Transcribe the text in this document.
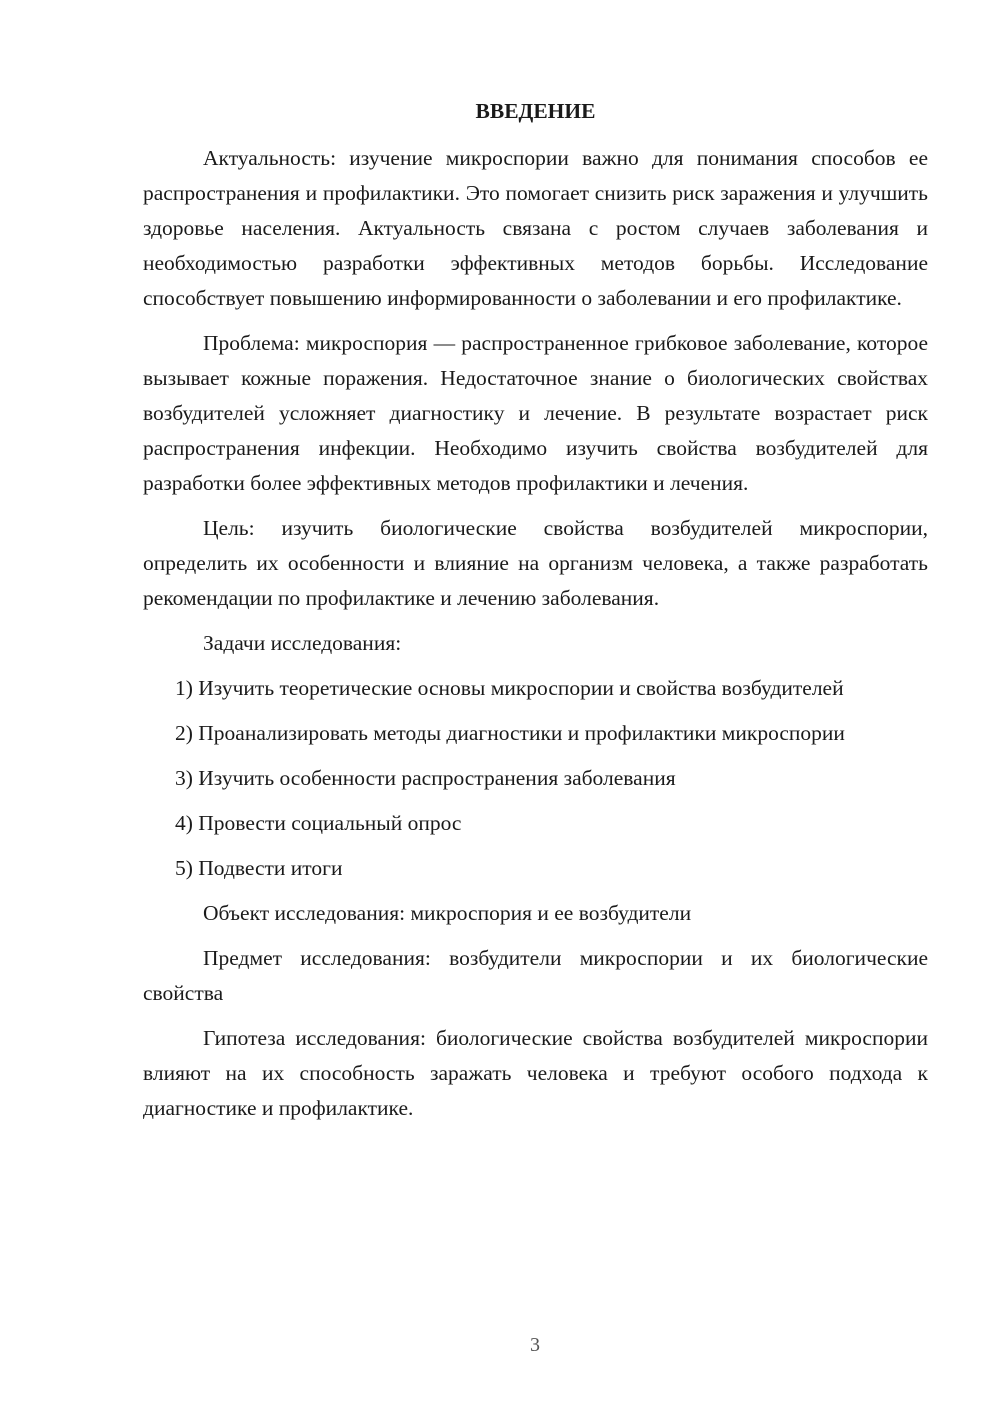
ВВЕДЕНИЕ

Актуальность: изучение микроспории важно для понимания способов ее распространения и профилактики. Это помогает снизить риск заражения и улучшить здоровье населения. Актуальность связана с ростом случаев заболевания и необходимостью разработки эффективных методов борьбы. Исследование способствует повышению информированности о заболевании и его профилактике.

Проблема: микроспория — распространенное грибковое заболевание, которое вызывает кожные поражения. Недостаточное знание о биологических свойствах возбудителей усложняет диагностику и лечение. В результате возрастает риск распространения инфекции. Необходимо изучить свойства возбудителей для разработки более эффективных методов профилактики и лечения.

Цель: изучить биологические свойства возбудителей микроспории, определить их особенности и влияние на организм человека, а также разработать рекомендации по профилактике и лечению заболевания.

Задачи исследования:

1) Изучить теоретические основы микроспории и свойства возбудителей

2) Проанализировать методы диагностики и профилактики микроспории

3) Изучить особенности распространения заболевания

4) Провести социальный опрос

5) Подвести итоги

Объект исследования: микроспория и ее возбудители

Предмет исследования: возбудители микроспории и их биологические свойства

Гипотеза исследования: биологические свойства возбудителей микроспории влияют на их способность заражать человека и требуют особого подхода к диагностике и профилактике.

3
